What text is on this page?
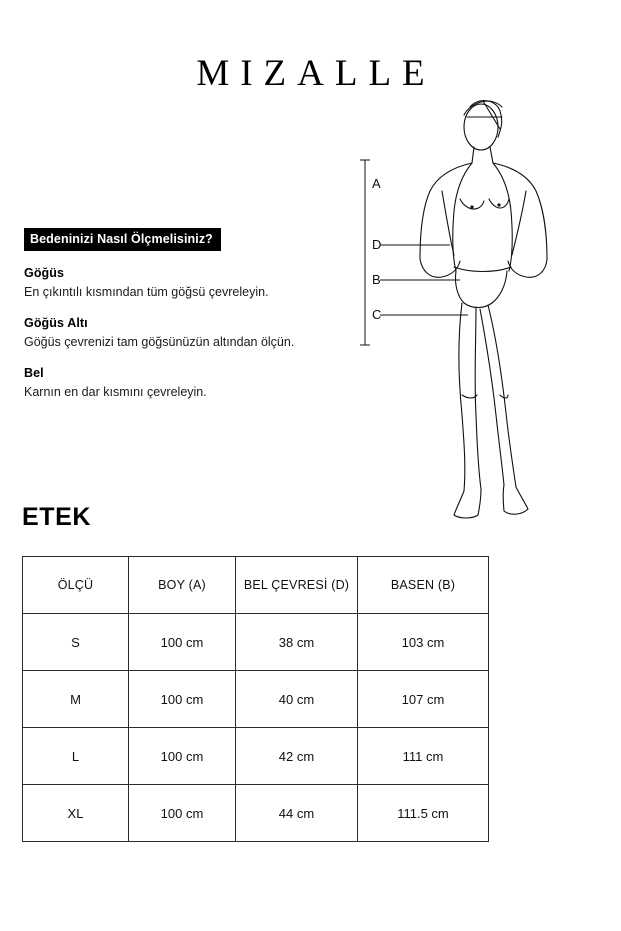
MIZALLE
Bedeninizi Nasıl Ölçmelisiniz?

Göğüs

En çıkıntılı kısmından tüm göğsü çevreleyin.

Göğüs Altı

Göğüs çevrenizi tam göğsünüzün altından ölçün.

Bel

Karnın en dar kısmını çevreleyin.

A
D
B
C
ETEK
ÖLÇÜ	BOY (A)	BEL ÇEVRESİ (D)	BASEN (B)
S	100 cm	38 cm	103 cm
M	100 cm	40 cm	107 cm
L	100 cm	42 cm	111 cm
XL	100 cm	44 cm	111.5 cm
